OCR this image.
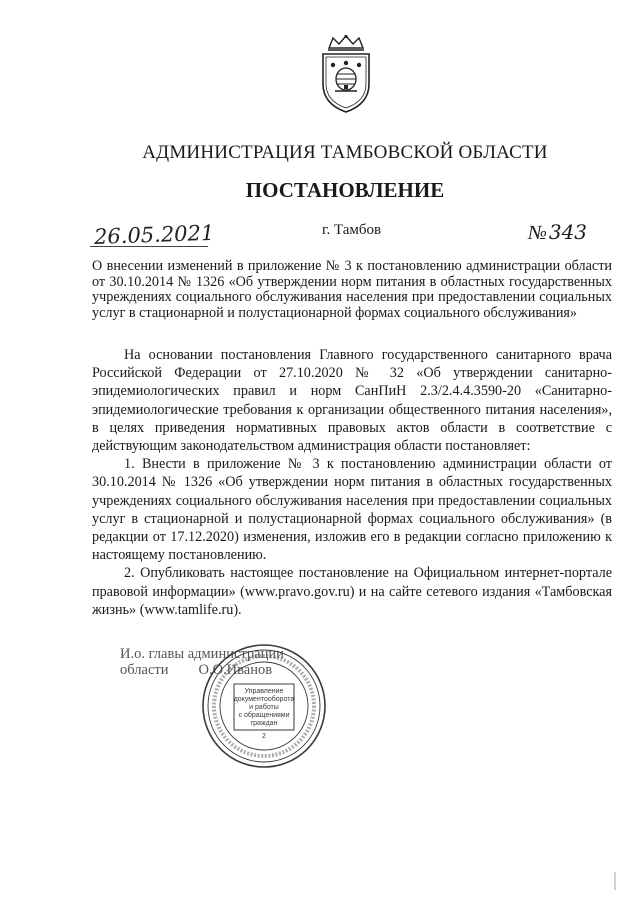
АДМИНИСТРАЦИЯ ТАМБОВСКОЙ ОБЛАСТИ
ПОСТАНОВЛЕНИЕ
26.05.2021	г. Тамбов	№ 343
О внесении изменений в приложение № 3 к постановлению администрации области от 30.10.2014 № 1326 «Об утверждении норм питания в областных государственных учреждениях социального обслуживания населения при предоставлении социальных услуг в стационарной и полустационарной формах социального обслуживания»

На основании постановления Главного государственного санитарного врача Российской Федерации от 27.10.2020 № 32 «Об утверждении санитарно-эпидемиологических правил и норм СанПиН 2.3/2.4.4.3590-20 «Санитарно-эпидемиологические требования к организации общественного питания населения», в целях приведения нормативных правовых актов области в соответствие с действующим законодательством администрация области постановляет:

1. Внести в приложение № 3 к постановлению администрации области от 30.10.2014 № 1326 «Об утверждении норм питания в областных государственных учреждениях социального обслуживания населения при предоставлении социальных услуг в стационарной и полустационарной формах социального обслуживания» (в редакции от 17.12.2020) изменения, изложив его в редакции согласно приложению к настоящему постановлению.

2. Опубликовать настоящее постановление на Официальном интернет-портале правовой информации» (www.pravo.gov.ru) и на сайте сетевого издания «Тамбовская жизнь» (www.tamlife.ru).

И.о. главы администрации
области О.О.Иванов
Управление
документооборота
и работы
с обращениями
граждан
2
